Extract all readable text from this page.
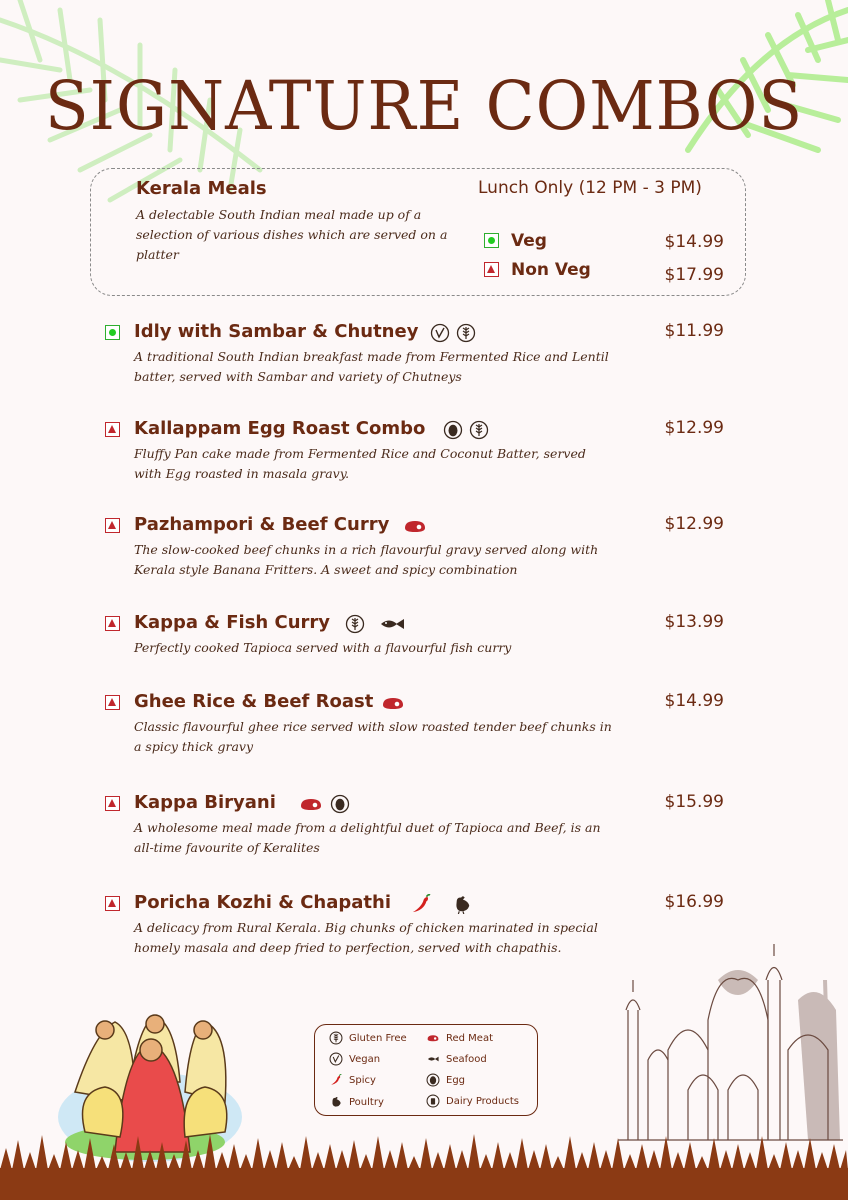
SIGNATURE COMBOS
Kerala Meals	Lunch Only (12 PM - 3 PM)
A delectable South Indian meal made up of a selection of various dishes which are served on a platter
Veg	$14.99
Non Veg	$17.99
Idly with Sambar & Chutney	$11.99
A traditional South Indian breakfast made from Fermented Rice and Lentil batter, served with Sambar and variety of Chutneys
Kallappam Egg Roast Combo	$12.99
Fluffy Pan cake made from Fermented Rice and Coconut Batter, served with Egg roasted in masala gravy.
Pazhampori & Beef Curry	$12.99
The slow-cooked beef chunks in a rich flavourful gravy served along with Kerala style Banana Fritters. A sweet and spicy combination
Kappa & Fish Curry	$13.99
Perfectly cooked Tapioca served with a flavourful fish curry
Ghee Rice & Beef Roast	$14.99
Classic flavourful ghee rice served with slow roasted tender beef chunks in a spicy thick gravy
Kappa Biryani	$15.99
A wholesome meal made from a delightful duet of Tapioca and Beef, is an all-time favourite of Keralites
Poricha Kozhi & Chapathi	$16.99
A delicacy from Rural Kerala. Big chunks of chicken marinated in special homely masala and deep fried to perfection, served with chapathis.
Gluten Free
Vegan
Spicy
Poultry
Red Meat
Seafood
Egg
Dairy Products
